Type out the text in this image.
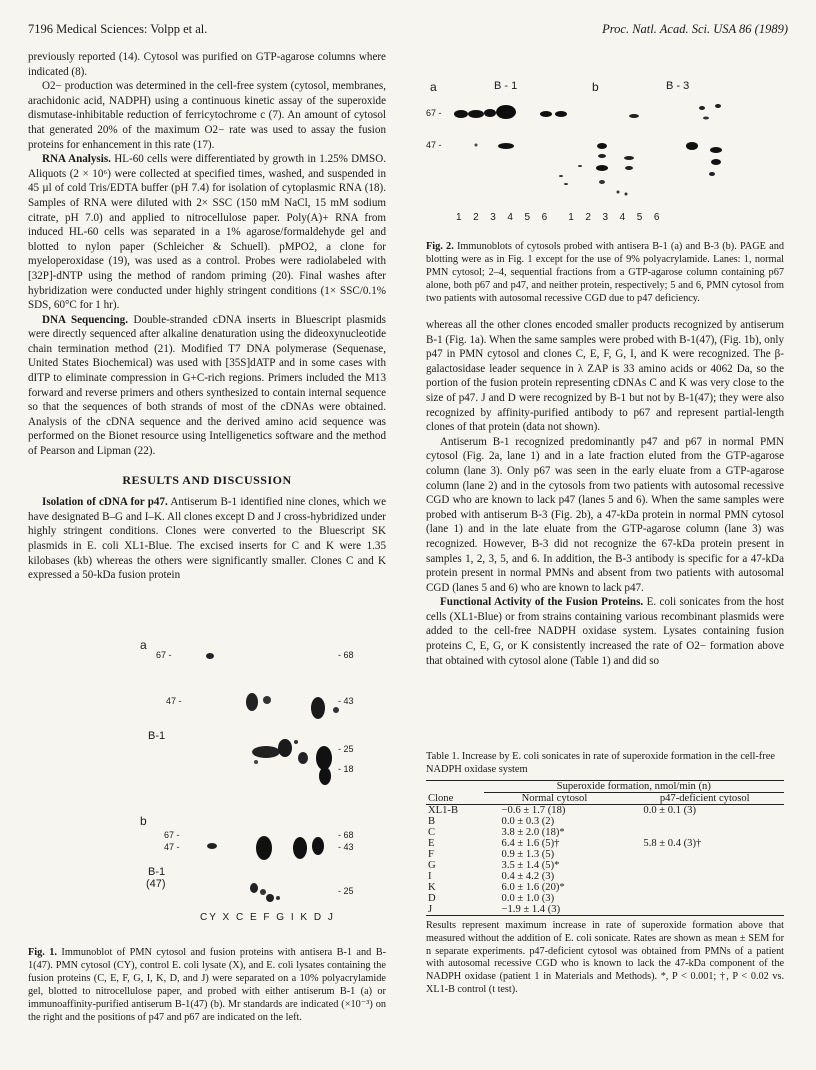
7196 Medical Sciences: Volpp et al.	Proc. Natl. Acad. Sci. USA 86 (1989)

previously reported (14). Cytosol was purified on GTP-agarose columns where indicated (8).

O2− production was determined in the cell-free system (cytosol, membranes, arachidonic acid, NADPH) using a continuous kinetic assay of the superoxide dismutase-inhibitable reduction of ferricytochrome c (7). An amount of cytosol that generated 20% of the maximum O2− rate was used to assay the fusion proteins for enhancement in this rate (17).

RNA Analysis. HL-60 cells were differentiated by growth in 1.25% DMSO. Aliquots (2 × 10⁶) were collected at specified times, washed, and suspended in 45 µl of cold Tris/EDTA buffer (pH 7.4) for isolation of cytoplasmic RNA (18). Samples of RNA were diluted with 2× SSC (150 mM NaCl, 15 mM sodium citrate, pH 7.0) and applied to nitrocellulose paper. Poly(A)+ RNA from induced HL-60 cells was separated in a 1% agarose/formaldehyde gel and blotted to nylon paper (Schleicher & Schuell). pMPO2, a clone for myeloperoxidase (19), was used as a control. Probes were radiolabeled with [32P]-dNTP using the method of random priming (20). Final washes after hybridization were conducted under highly stringent conditions (1× SSC/0.1% SDS, 60°C for 1 hr).

DNA Sequencing. Double-stranded cDNA inserts in Bluescript plasmids were directly sequenced after alkaline denaturation using the dideoxynucleotide chain termination method (21). Modified T7 DNA polymerase (Sequenase, United States Biochemical) was used with [35S]dATP and in some cases with dITP to eliminate compression in G+C-rich regions. Primers included the M13 forward and reverse primers and others synthesized to contain internal sequence so that the sequences of both strands of most of the cDNAs were obtained. Analysis of the cDNA sequence and the derived amino acid sequence was performed on the Bionet resource using Intelligenetics software and the method of Pearson and Lipman (22).

RESULTS AND DISCUSSION

Isolation of cDNA for p47. Antiserum B-1 identified nine clones, which we have designated B–G and I–K. All clones except D and J cross-hybridized under highly stringent conditions. Clones were converted to the Bluescript SK plasmids in E. coli XL1-Blue. The excised inserts for C and K were 1.35 kilobases (kb) whereas the others were significantly smaller. Clones C and K expressed a 50-kDa fusion protein

a
67 -
47 -
- 68
- 43
- 25
- 18
B-1
b
67 -
47 -
- 68
- 43
- 25
B-1
(47)
CY X C E F G I K D J
Fig. 1. Immunoblot of PMN cytosol and fusion proteins with antisera B-1 and B-1(47). PMN cytosol (CY), control E. coli lysate (X), and E. coli lysates containing the fusion proteins (C, E, F, G, I, K, D, and J) were separated on a 10% polyacrylamide gel, blotted to nitrocellulose paper, and probed with either antiserum B-1 (a) or immunoaffinity-purified antiserum B-1(47) (b). Mr standards are indicated (×10⁻³) on the right and the positions of p47 and p67 are indicated on the left.
a	b
B - 1	B - 3
67 -
47 -
1  2  3  4  5  6    1  2  3  4  5  6
Fig. 2. Immunoblots of cytosols probed with antisera B-1 (a) and B-3 (b). PAGE and blotting were as in Fig. 1 except for the use of 9% polyacrylamide. Lanes: 1, normal PMN cytosol; 2–4, sequential fractions from a GTP-agarose column containing p67 alone, both p67 and p47, and neither protein, respectively; 5 and 6, PMN cytosol from two patients with autosomal recessive CGD due to p47 deficiency.

whereas all the other clones encoded smaller products recognized by antiserum B-1 (Fig. 1a). When the same samples were probed with B-1(47), (Fig. 1b), only p47 in PMN cytosol and clones C, E, F, G, I, and K were recognized. The β-galactosidase leader sequence in λ ZAP is 33 amino acids or 4062 Da, so the portion of the fusion protein representing cDNAs C and K was very close to the size of p47. J and D were recognized by B-1 but not by B-1(47); they were also recognized by affinity-purified antibody to p67 and represent partial-length clones of that protein (data not shown).

Antiserum B-1 recognized predominantly p47 and p67 in normal PMN cytosol (Fig. 2a, lane 1) and in a late fraction eluted from the GTP-agarose column (lane 3). Only p67 was seen in the early eluate from a GTP-agarose column (lane 2) and in the cytosols from two patients with autosomal recessive CGD who are known to lack p47 (lanes 5 and 6). When the same samples were probed with antiserum B-3 (Fig. 2b), a 47-kDa protein in normal PMN cytosol (lane 1) and in the late eluate from the GTP-agarose column (lane 3) was recognized. However, B-3 did not recognize the 67-kDa protein present in samples 1, 2, 3, 5, and 6. In addition, the B-3 antibody is specific for a 47-kDa protein present in normal PMNs and absent from two patients with autosomal CGD (lanes 5 and 6) who are known to lack p47.

Functional Activity of the Fusion Proteins. E. coli sonicates from the host cells (XL1-Blue) or from strains containing various recombinant plasmids were added to the cell-free NADPH oxidase system. Lysates containing fusion proteins C, E, G, or K consistently increased the rate of O2− formation above that obtained with cytosol alone (Table 1) and did so

Table 1. Increase by E. coli sonicates in rate of superoxide formation in the cell-free NADPH oxidase system
Clone	Superoxide formation, nmol/min (n)	
	Normal cytosol	p47-deficient cytosol
XL1-B	−0.6 ± 1.7 (18)	0.0 ± 0.1 (3)
B	0.0 ± 0.3 (2)	
C	3.8 ± 2.0 (18)*	
E	6.4 ± 1.6 (5)†	5.8 ± 0.4 (3)†
F	0.9 ± 1.3 (5)	
G	3.5 ± 1.4 (5)*	
I	0.4 ± 4.2 (3)	
K	6.0 ± 1.6 (20)*	
D	0.0 ± 1.0 (3)	
J	−1.9 ± 1.4 (3)	
Results represent maximum increase in rate of superoxide formation above that measured without the addition of E. coli sonicate. Rates are shown as mean ± SEM for n separate experiments. p47-deficient cytosol was obtained from PMNs of a patient with autosomal recessive CGD who is known to lack the 47-kDa component of the NADPH oxidase (patient 1 in Materials and Methods). *, P < 0.001; †, P < 0.02 vs. XL1-B control (t test).
